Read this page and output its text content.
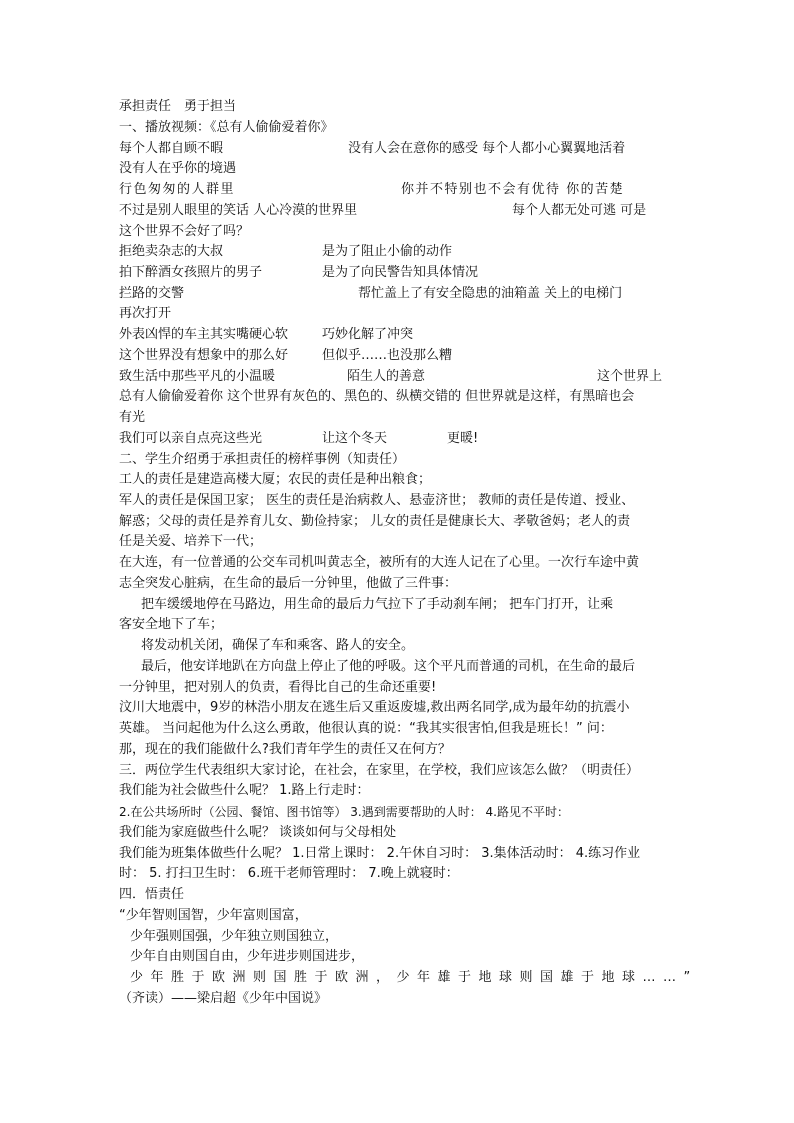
承担责任　勇于担当
一、播放视频：《总有人偷偷爱着你》
每个人都自顾不暇	没有人会在意你的感受 每个人都小心翼翼地活着
没有人在乎你的境遇
行色匆匆的人群里	你并不特别也不会有优待 你的苦楚
不过是别人眼里的笑话 人心冷漠的世界里	每个人都无处可逃 可是
这个世界不会好了吗？
拒绝卖杂志的大叔	是为了阻止小偷的动作
拍下醉酒女孩照片的男子	是为了向民警告知具体情况
拦路的交警	帮忙盖上了有安全隐患的油箱盖 关上的电梯门
再次打开
外表凶悍的车主其实嘴硬心软	巧妙化解了冲突
这个世界没有想象中的那么好	但似乎……也没那么糟
致生活中那些平凡的小温暖	陌生人的善意	这个世界上
总有人偷偷爱着你 这个世界有灰色的、黑色的、纵横交错的 但世界就是这样，有黑暗也会
有光
我们可以亲自点亮这些光	让这个冬天	更暖!
二、学生介绍勇于承担责任的榜样事例（知责任）
工人的责任是建造高楼大厦；农民的责任是种出粮食；
军人的责任是保国卫家； 医生的责任是治病救人、悬壶济世； 教师的责任是传道、授业、
解惑；父母的责任是养育儿女、勤俭持家； 儿女的责任是健康长大、孝敬爸妈；老人的责
任是关爱、培养下一代；
在大连，有一位普通的公交车司机叫黄志全，被所有的大连人记在了心里。一次行车途中黄
志全突发心脏病，在生命的最后一分钟里，他做了三件事：
把车缓缓地停在马路边，用生命的最后力气拉下了手动刹车闸； 把车门打开，让乘
客安全地下了车；
将发动机关闭，确保了车和乘客、路人的安全。
最后，他安详地趴在方向盘上停止了他的呼吸。这个平凡而普通的司机，在生命的最后
一分钟里，把对别人的负责，看得比自己的生命还重要!
汶川大地震中，9岁的林浩小朋友在逃生后又重返废墟,救出两名同学,成为最年幼的抗震小
英雄。 当问起他为什么这么勇敢，他很认真的说：“我其实很害怕,但我是班长！” 问：
那，现在的我们能做什么?我们青年学生的责任又在何方？
三．两位学生代表组织大家讨论，在社会，在家里，在学校，我们应该怎么做？（明责任）
我们能为社会做些什么呢？ 1.路上行走时：
2.在公共场所时（公园、餐馆、图书馆等） 3.遇到需要帮助的人时： 4.路见不平时：
我们能为家庭做些什么呢？ 谈谈如何与父母相处
我们能为班集体做些什么呢？ 1.日常上课时： 2.午休自习时： 3.集体活动时： 4.练习作业
时： 5. 打扫卫生时： 6.班干老师管理时： 7.晚上就寝时：
四．悟责任
“少年智则国智，少年富则国富，
少年强则国强，少年独立则国独立，
少年自由则国自由，少年进步则国进步，
少年胜于欧洲则国胜于欧洲，少年雄于地球则国雄于地球……”
（齐读）——梁启超《少年中国说》
